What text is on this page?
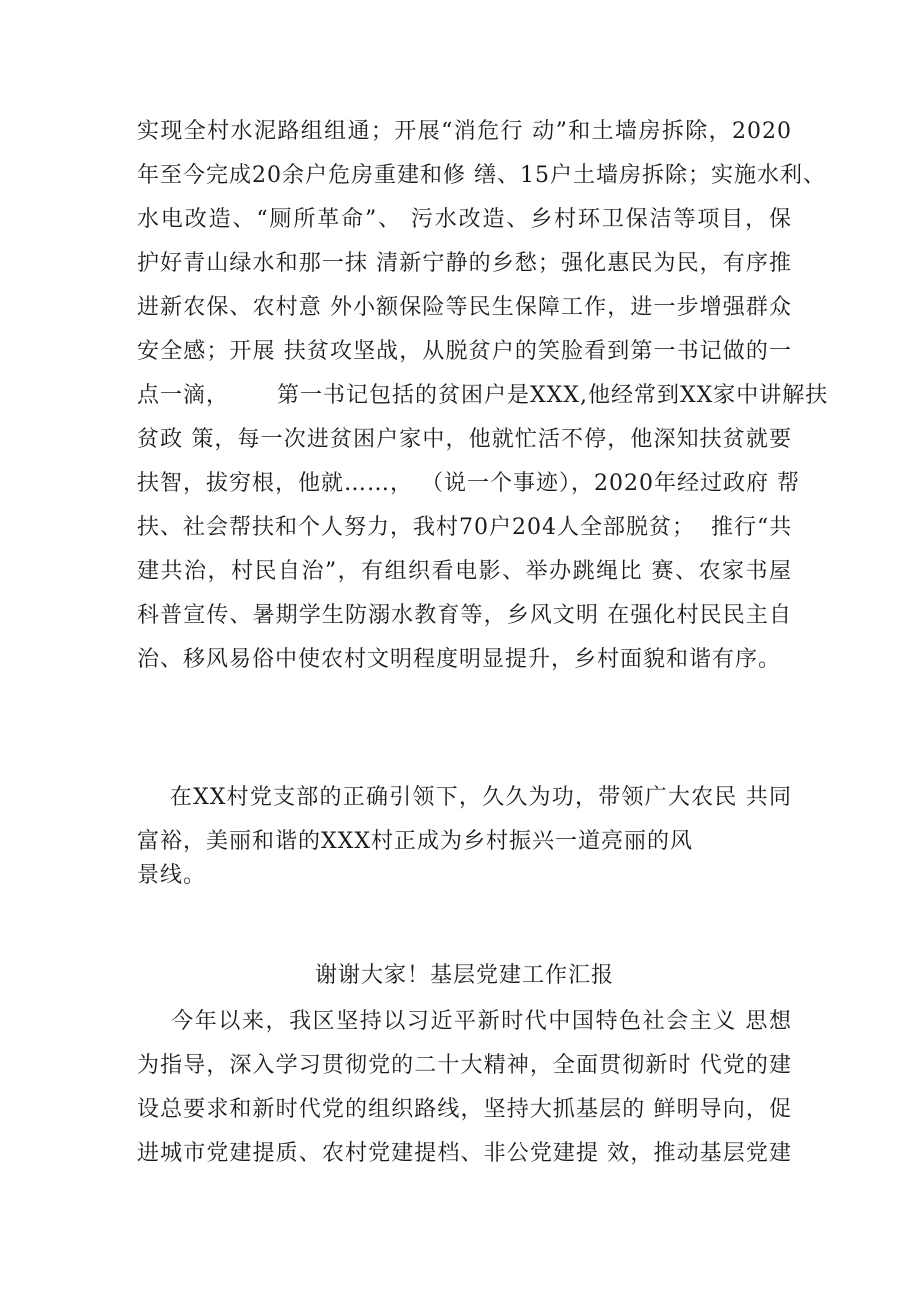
实现全村水泥路组组通；开展“消危行 动”和土墙房拆除，2020
年至今完成20余户危房重建和修 缮、15户土墙房拆除；实施水利、
水电改造、“厕所革命”、 污水改造、乡村环卫保洁等项目，保
护好青山绿水和那一抹 清新宁静的乡愁；强化惠民为民，有序推
进新农保、农村意 外小额保险等民生保障工作，进一步增强群众
安全感；开展 扶贫攻坚战，从脱贫户的笑脸看到第一书记做的一
点一滴，      第一书记包括的贫困户是XXX,他经常到XX家中讲解扶
贫政 策，每一次进贫困户家中，他就忙活不停，他深知扶贫就要
扶智，拔穷根，他就……， （说一个事迹），2020年经过政府 帮
扶、社会帮扶和个人努力，我村70户204人全部脱贫；  推行“共
建共治，村民自治”，有组织看电影、举办跳绳比 赛、农家书屋
科普宣传、暑期学生防溺水教育等，乡风文明 在强化村民民主自
治、移风易俗中使农村文明程度明显提升，乡村面貌和谐有序。
在XX村党支部的正确引领下，久久为功，带领广大农民 共同
富裕，美丽和谐的XXX村正成为乡村振兴一道亮丽的风
景线。
谢谢大家！基层党建工作汇报
今年以来，我区坚持以习近平新时代中国特色社会主义 思想
为指导，深入学习贯彻党的二十大精神，全面贯彻新时 代党的建
设总要求和新时代党的组织路线，坚持大抓基层的 鲜明导向，促
进城市党建提质、农村党建提档、非公党建提 效，推动基层党建
